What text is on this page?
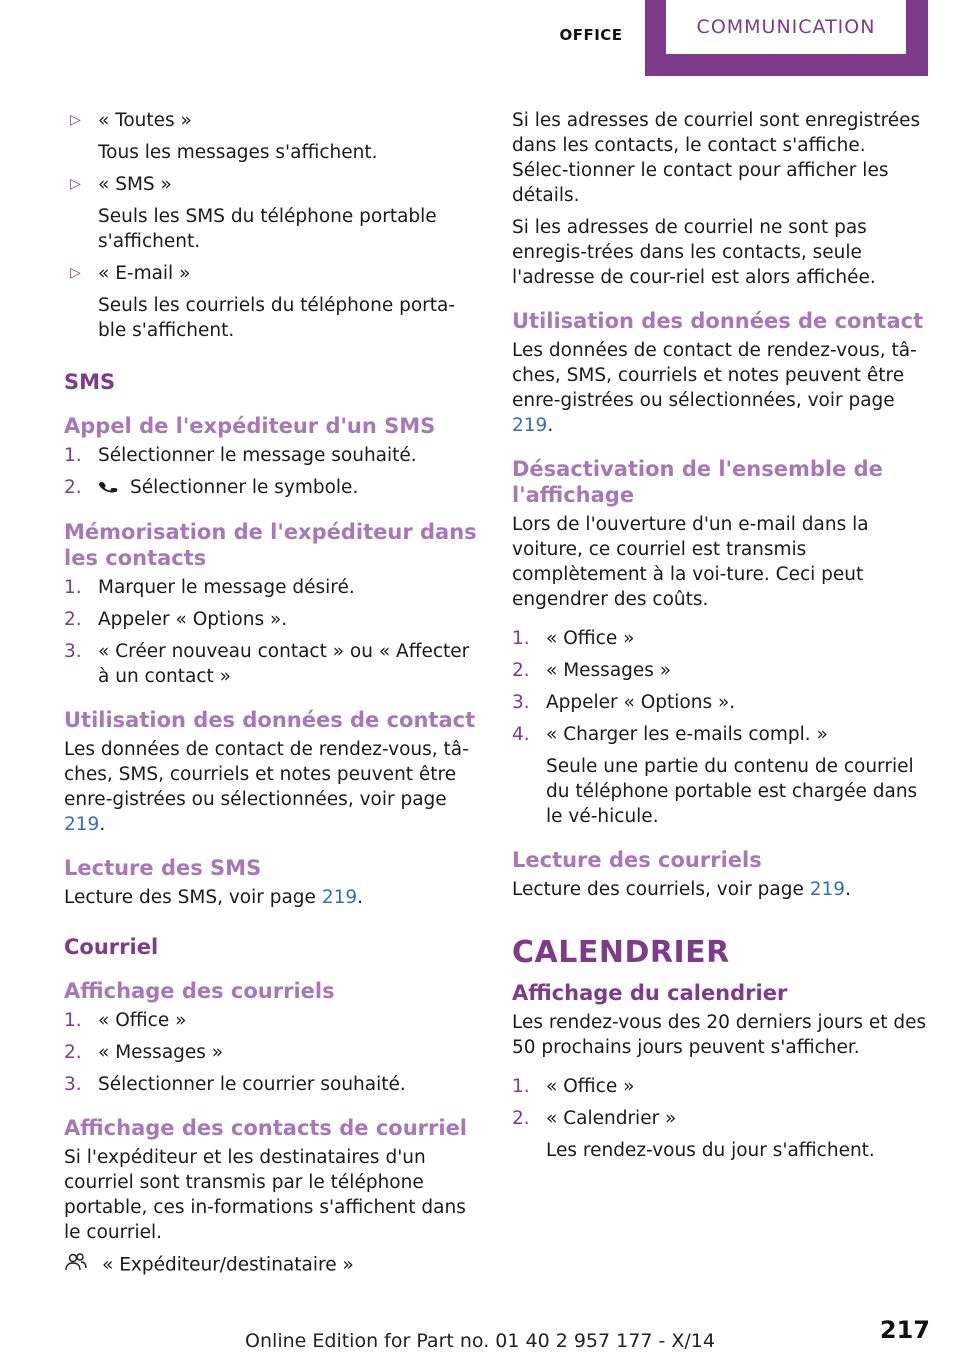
OFFICE	COMMUNICATION
▷ « Toutes »

Tous les messages s'affichent.

▷ « SMS »

Seuls les SMS du téléphone portable s'affichent.

▷ « E-mail »

Seuls les courriels du téléphone porta-ble s'affichent.

SMS
Appel de l'expéditeur d'un SMS
1. Sélectionner le message souhaité.

2.	Sélectionner le symbole.

Mémorisation de l'expéditeur dans les contacts
1. Marquer le message désiré.

2. Appeler « Options ».

3. « Créer nouveau contact » ou « Affecter à un contact »

Utilisation des données de contact

Les données de contact de rendez-vous, tâ-ches, SMS, courriels et notes peuvent être enre-gistrées ou sélectionnées, voir page 219.

Lecture des SMS

Lecture des SMS, voir page 219.

Courriel
Affichage des courriels
1. « Office »

2. « Messages »

3. Sélectionner le courrier souhaité.

Affichage des contacts de courriel

Si l'expéditeur et les destinataires d'un courriel sont transmis par le téléphone portable, ces in-formations s'affichent dans le courriel.

« Expéditeur/destinataire »

Si les adresses de courriel sont enregistrées dans les contacts, le contact s'affiche. Sélec-tionner le contact pour afficher les détails.

Si les adresses de courriel ne sont pas enregis-trées dans les contacts, seule l'adresse de cour-riel est alors affichée.

Utilisation des données de contact

Les données de contact de rendez-vous, tâ-ches, SMS, courriels et notes peuvent être enre-gistrées ou sélectionnées, voir page 219.

Désactivation de l'ensemble de l'affichage

Lors de l'ouverture d'un e-mail dans la voiture, ce courriel est transmis complètement à la voi-ture. Ceci peut engendrer des coûts.

1. « Office »

2. « Messages »

3. Appeler « Options ».

4. « Charger les e-mails compl. »

Seule une partie du contenu de courriel du téléphone portable est chargée dans le vé-hicule.

Lecture des courriels

Lecture des courriels, voir page 219.

CALENDRIER
Affichage du calendrier

Les rendez-vous des 20 derniers jours et des 50 prochains jours peuvent s'afficher.

1. « Office »

2. « Calendrier »

Les rendez-vous du jour s'affichent.

217
Online Edition for Part no. 01 40 2 957 177 - X/14
